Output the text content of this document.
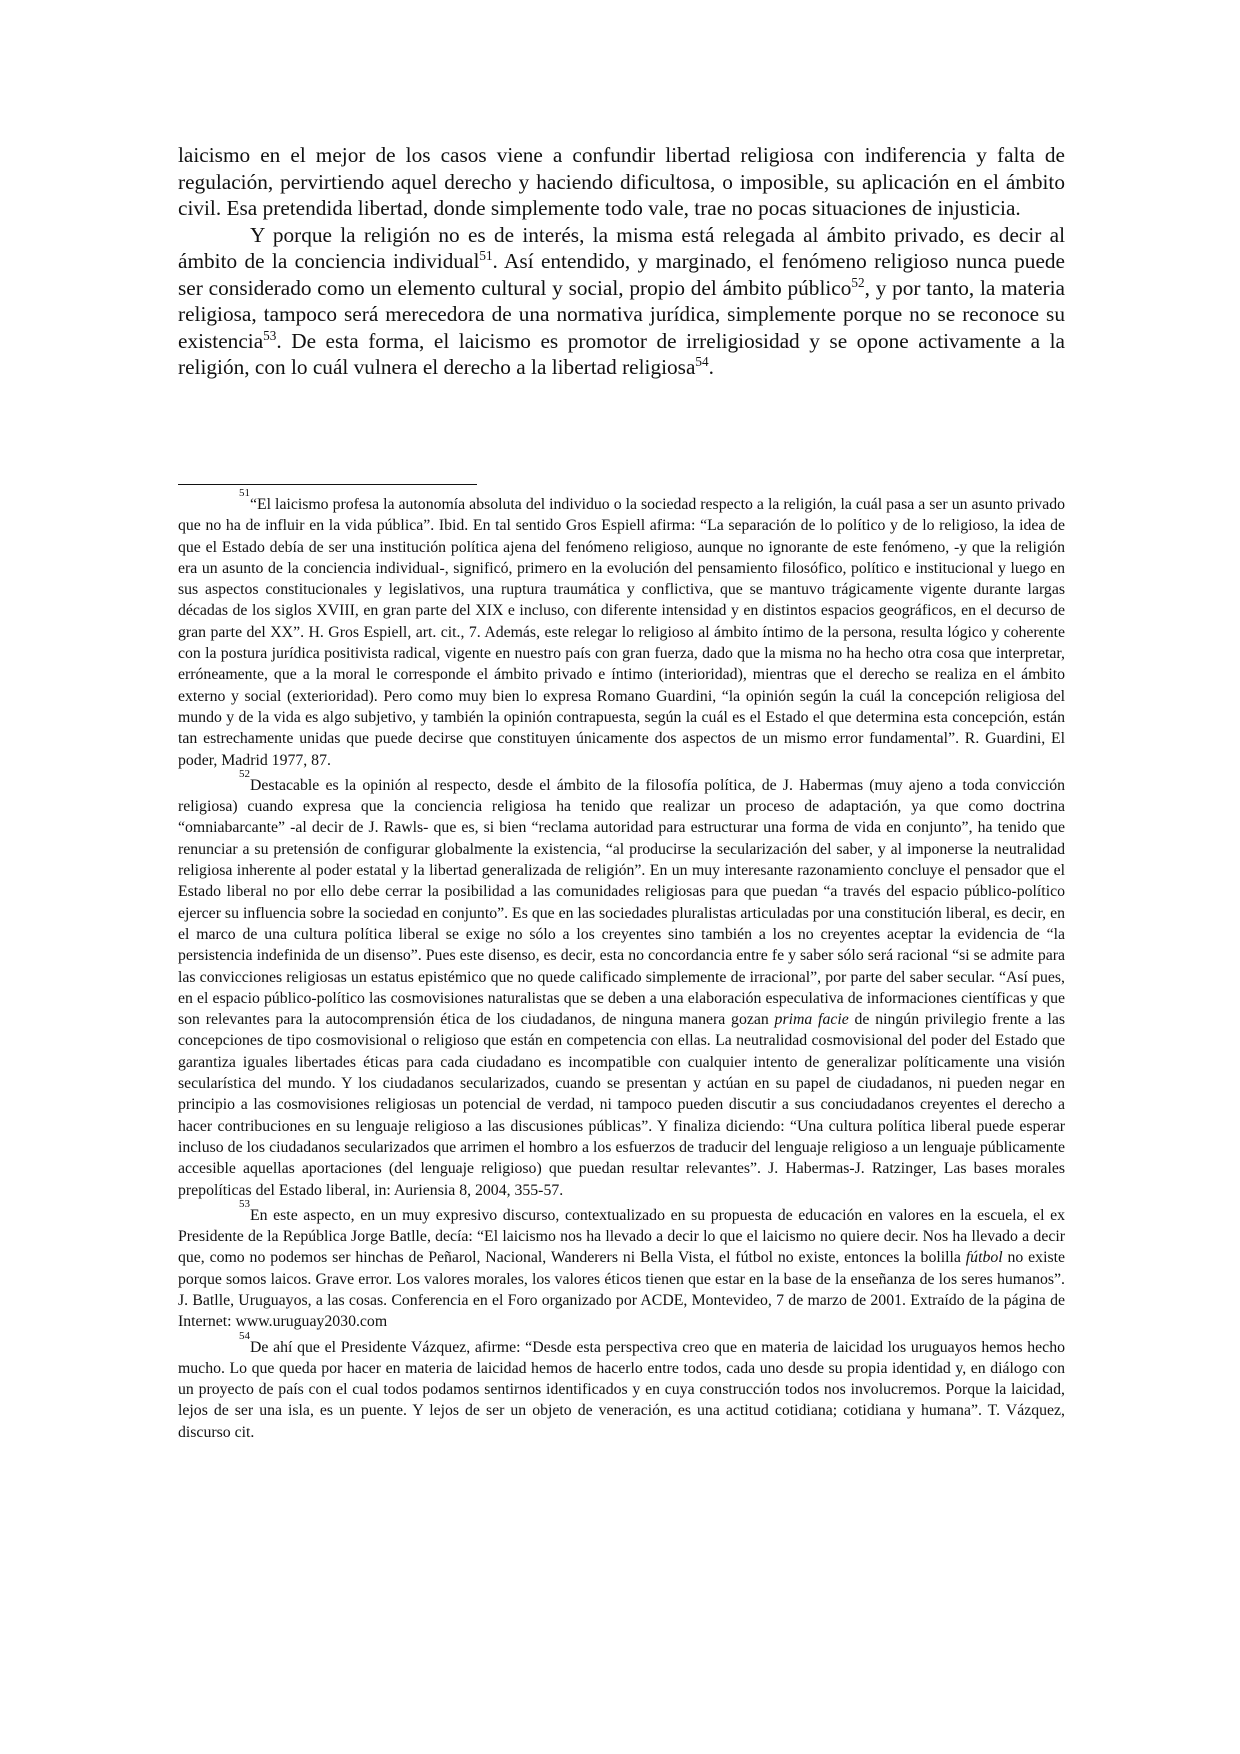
laicismo en el mejor de los casos viene a confundir libertad religiosa con indiferencia y falta de regulación, pervirtiendo aquel derecho y haciendo dificultosa, o imposible, su aplicación en el ámbito civil. Esa pretendida libertad, donde simplemente todo vale, trae no pocas situaciones de injusticia.

Y porque la religión no es de interés, la misma está relegada al ámbito privado, es decir al ámbito de la conciencia individual$^{51}$. Así entendido, y marginado, el fenómeno religioso nunca puede ser considerado como un elemento cultural y social, propio del ámbito público$^{52}$, y por tanto, la materia religiosa, tampoco será merecedora de una normativa jurídica, simplemente porque no se reconoce su existencia$^{53}$. De esta forma, el laicismo es promotor de irreligiosidad y se opone activamente a la religión, con lo cuál vulnera el derecho a la libertad religiosa$^{54}$.

51“El laicismo profesa la autonomía absoluta del individuo o la sociedad respecto a la religión, la cuál pasa a ser un asunto privado que no ha de influir en la vida pública”. Ibid. En tal sentido Gros Espiell afirma: “La separación de lo político y de lo religioso, la idea de que el Estado debía de ser una institución política ajena del fenómeno religioso, aunque no ignorante de este fenómeno, -y que la religión era un asunto de la conciencia individual-, significó, primero en la evolución del pensamiento filosófico, político e institucional y luego en sus aspectos constitucionales y legislativos, una ruptura traumática y conflictiva, que se mantuvo trágicamente vigente durante largas décadas de los siglos XVIII, en gran parte del XIX e incluso, con diferente intensidad y en distintos espacios geográficos, en el decurso de gran parte del XX”. H. Gros Espiell, art. cit., 7. Además, este relegar lo religioso al ámbito íntimo de la persona, resulta lógico y coherente con la postura jurídica positivista radical, vigente en nuestro país con gran fuerza, dado que la misma no ha hecho otra cosa que interpretar, erróneamente, que a la moral le corresponde el ámbito privado e íntimo (interioridad), mientras que el derecho se realiza en el ámbito externo y social (exterioridad). Pero como muy bien lo expresa Romano Guardini, “la opinión según la cuál la concepción religiosa del mundo y de la vida es algo subjetivo, y también la opinión contrapuesta, según la cuál es el Estado el que determina esta concepción, están tan estrechamente unidas que puede decirse que constituyen únicamente dos aspectos de un mismo error fundamental”. R. Guardini, El poder, Madrid 1977, 87.

52Destacable es la opinión al respecto, desde el ámbito de la filosofía política, de J. Habermas (muy ajeno a toda convicción religiosa) cuando expresa que la conciencia religiosa ha tenido que realizar un proceso de adaptación, ya que como doctrina “omniabarcante” -al decir de J. Rawls- que es, si bien “reclama autoridad para estructurar una forma de vida en conjunto”, ha tenido que renunciar a su pretensión de configurar globalmente la existencia, “al producirse la secularización del saber, y al imponerse la neutralidad religiosa inherente al poder estatal y la libertad generalizada de religión”. En un muy interesante razonamiento concluye el pensador que el Estado liberal no por ello debe cerrar la posibilidad a las comunidades religiosas para que puedan “a través del espacio público-político ejercer su influencia sobre la sociedad en conjunto”. Es que en las sociedades pluralistas articuladas por una constitución liberal, es decir, en el marco de una cultura política liberal se exige no sólo a los creyentes sino también a los no creyentes aceptar la evidencia de “la persistencia indefinida de un disenso”. Pues este disenso, es decir, esta no concordancia entre fe y saber sólo será racional “si se admite para las convicciones religiosas un estatus epistémico que no quede calificado simplemente de irracional”, por parte del saber secular. “Así pues, en el espacio público-político las cosmovisiones naturalistas que se deben a una elaboración especulativa de informaciones científicas y que son relevantes para la autocomprensión ética de los ciudadanos, de ninguna manera gozan prima facie de ningún privilegio frente a las concepciones de tipo cosmovisional o religioso que están en competencia con ellas. La neutralidad cosmovisional del poder del Estado que garantiza iguales libertades éticas para cada ciudadano es incompatible con cualquier intento de generalizar políticamente una visión secularística del mundo. Y los ciudadanos secularizados, cuando se presentan y actúan en su papel de ciudadanos, ni pueden negar en principio a las cosmovisiones religiosas un potencial de verdad, ni tampoco pueden discutir a sus conciudadanos creyentes el derecho a hacer contribuciones en su lenguaje religioso a las discusiones públicas”. Y finaliza diciendo: “Una cultura política liberal puede esperar incluso de los ciudadanos secularizados que arrimen el hombro a los esfuerzos de traducir del lenguaje religioso a un lenguaje públicamente accesible aquellas aportaciones (del lenguaje religioso) que puedan resultar relevantes”. J. Habermas-J. Ratzinger, Las bases morales prepolíticas del Estado liberal, in: Auriensia 8, 2004, 355-57.

53En este aspecto, en un muy expresivo discurso, contextualizado en su propuesta de educación en valores en la escuela, el ex Presidente de la República Jorge Batlle, decía: “El laicismo nos ha llevado a decir lo que el laicismo no quiere decir. Nos ha llevado a decir que, como no podemos ser hinchas de Peñarol, Nacional, Wanderers ni Bella Vista, el fútbol no existe, entonces la bolilla fútbol no existe porque somos laicos. Grave error. Los valores morales, los valores éticos tienen que estar en la base de la enseñanza de los seres humanos”. J. Batlle, Uruguayos, a las cosas. Conferencia en el Foro organizado por ACDE, Montevideo, 7 de marzo de 2001. Extraído de la página de Internet: www.uruguay2030.com

54De ahí que el Presidente Vázquez, afirme: “Desde esta perspectiva creo que en materia de laicidad los uruguayos hemos hecho mucho. Lo que queda por hacer en materia de laicidad hemos de hacerlo entre todos, cada uno desde su propia identidad y, en diálogo con un proyecto de país con el cual todos podamos sentirnos identificados y en cuya construcción todos nos involucremos. Porque la laicidad, lejos de ser una isla, es un puente. Y lejos de ser un objeto de veneración, es una actitud cotidiana; cotidiana y humana”. T. Vázquez, discurso cit.
